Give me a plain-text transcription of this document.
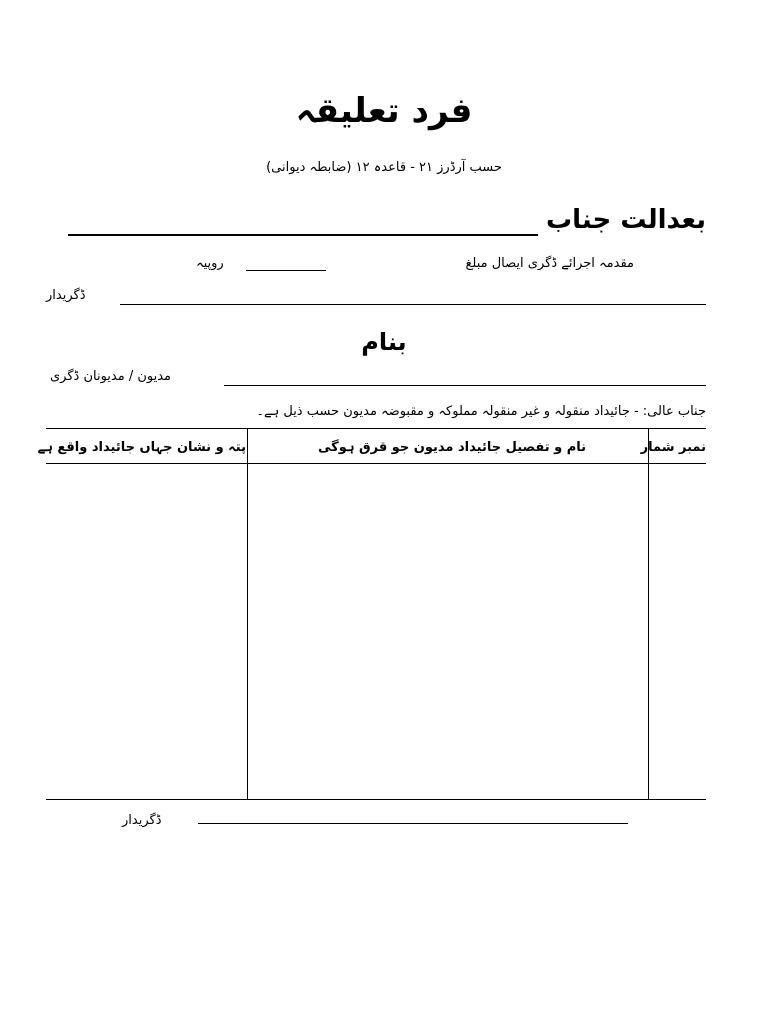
فرد تعلیقہ
حسب آرڈرز ۲۱ - قاعدہ ۱۲ (ضابطہ دیوانی)
بعدالت جناب
مقدمہ اجرائے ڈگری ایصال مبلغ
روپیہ
ڈگریدار
بنام
مدیون / مدیونان ڈگری
جناب عالی: - جائیداد منقولہ و غیر منقولہ مملوکہ و مقبوضہ مدیون حسب ذیل ہے۔
نمبر شمار
نام و تفصیل جائیداد مدیون جو قرق ہوگی
پتہ و نشان جہاں جائیداد واقع ہے
ڈگریدار
